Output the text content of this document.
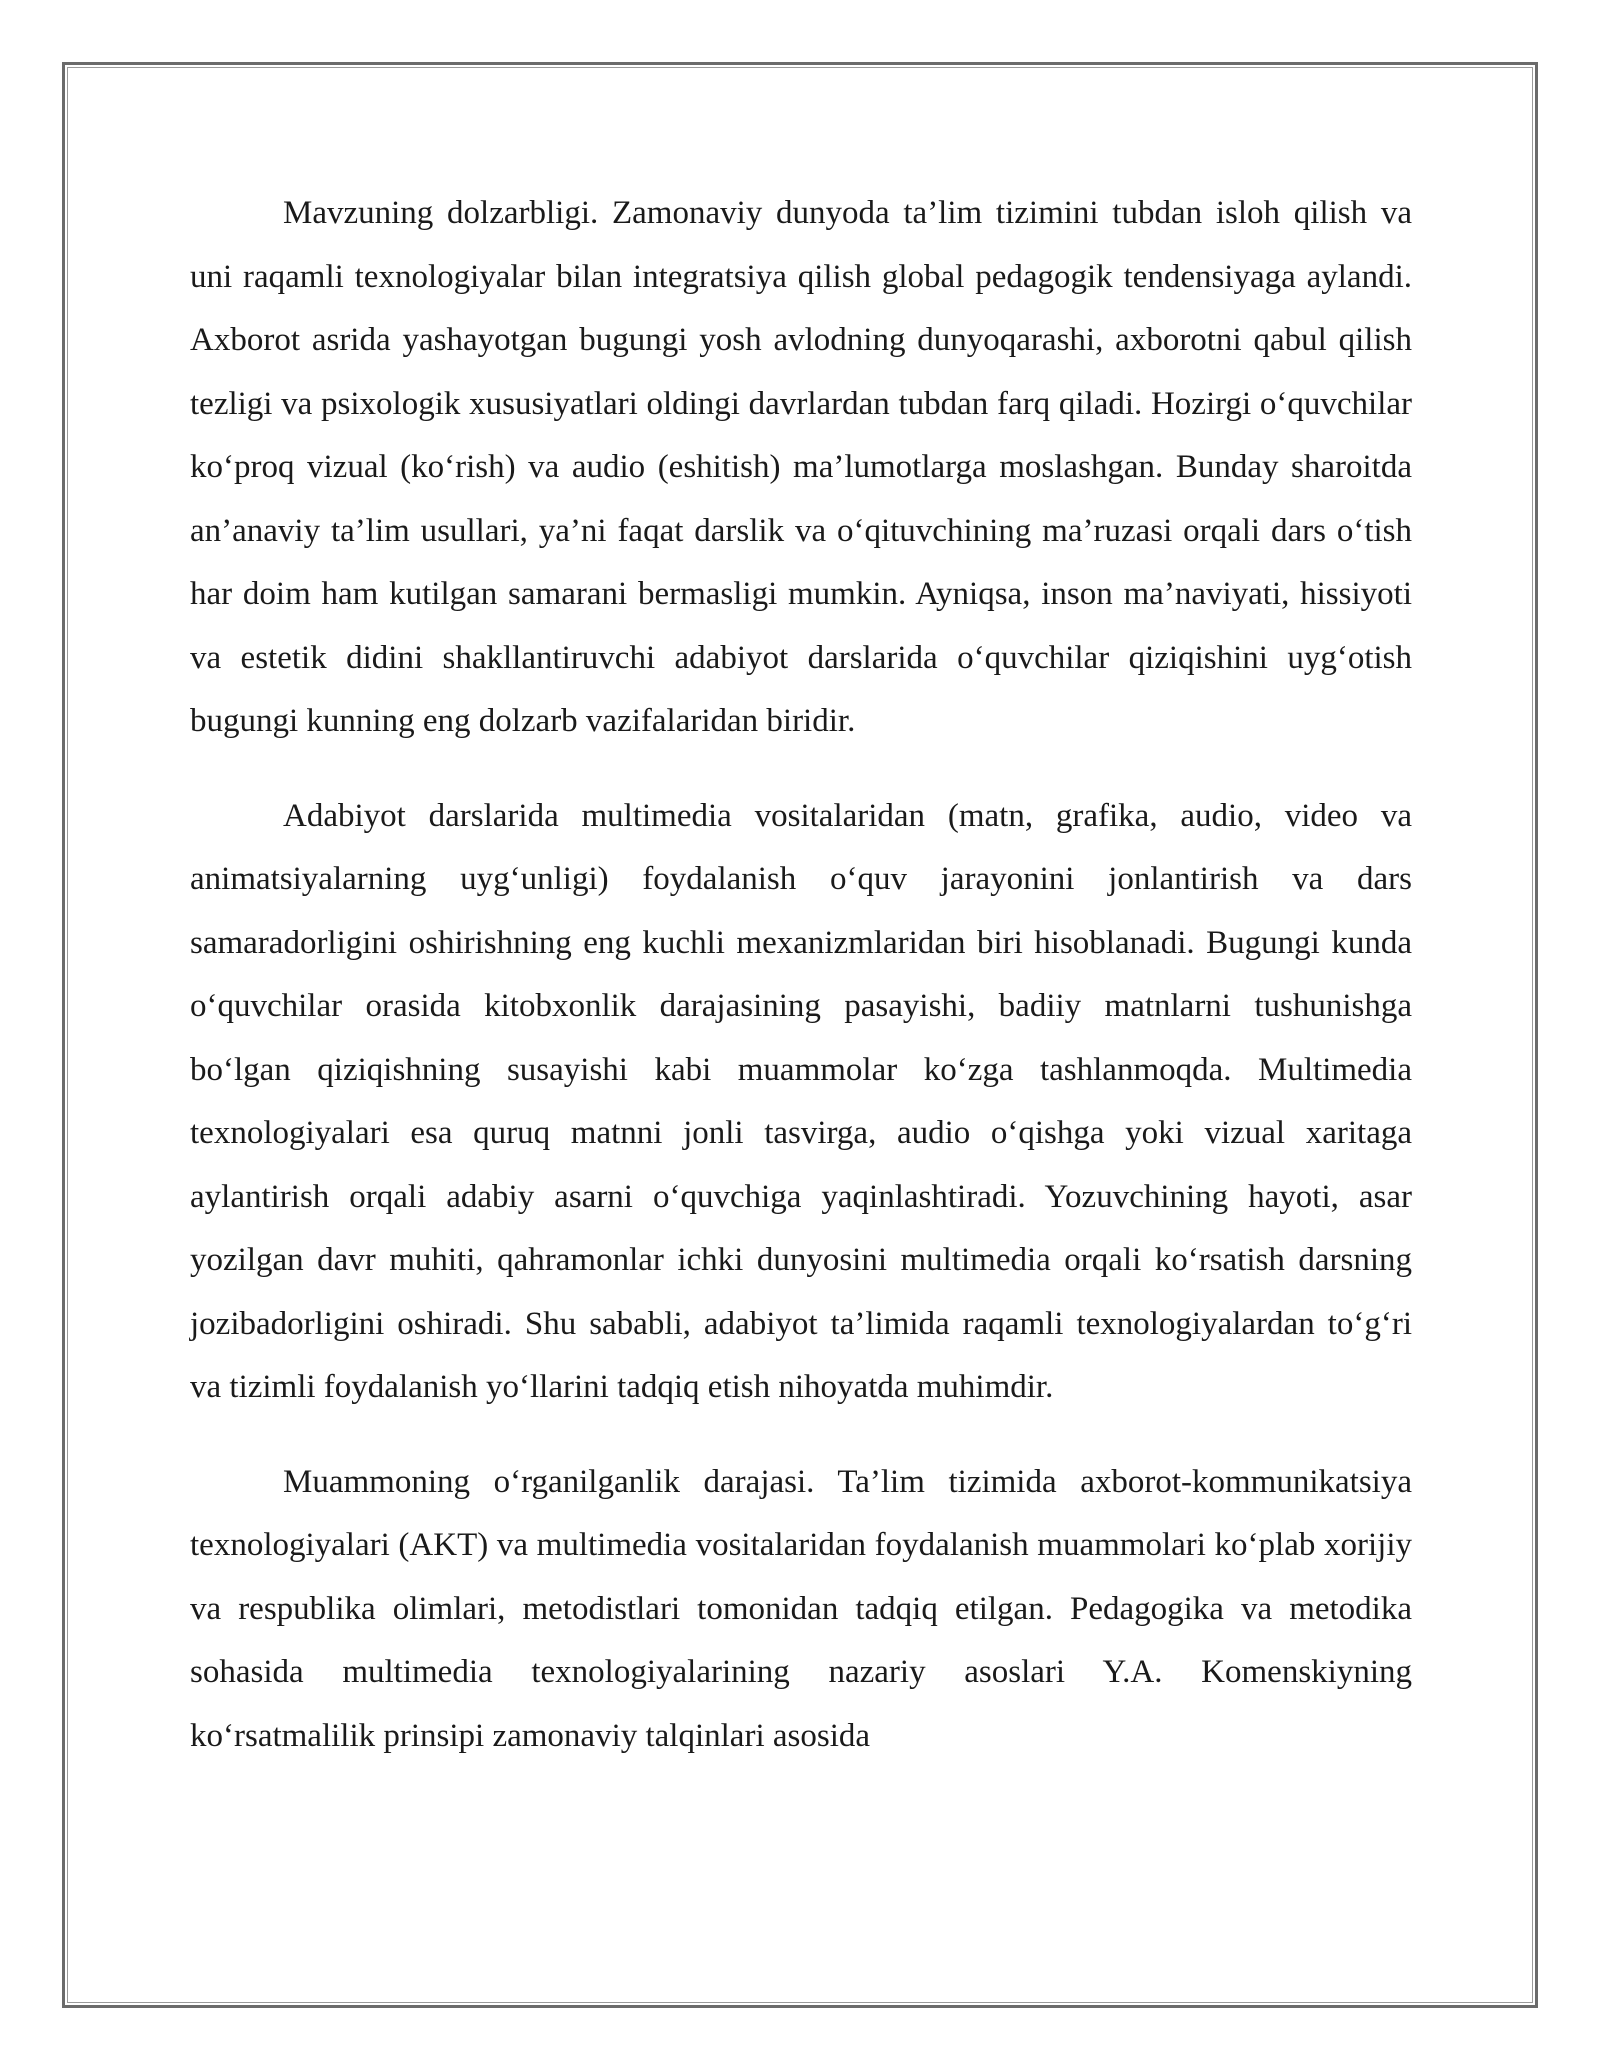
Mavzuning dolzarbligi. Zamonaviy dunyoda ta’lim tizimini tubdan isloh qilish va uni raqamli texnologiyalar bilan integratsiya qilish global pedagogik tendensiyaga aylandi. Axborot asrida yashayotgan bugungi yosh avlodning dunyoqarashi, axborotni qabul qilish tezligi va psixologik xususiyatlari oldingi davrlardan tubdan farq qiladi. Hozirgi o‘quvchilar ko‘proq vizual (ko‘rish) va audio (eshitish) ma’lumotlarga moslashgan. Bunday sharoitda an’anaviy ta’lim usullari, ya’ni faqat darslik va o‘qituvchining ma’ruzasi orqali dars o‘tish har doim ham kutilgan samarani bermasligi mumkin. Ayniqsa, inson ma’naviyati, hissiyoti va estetik didini shakllantiruvchi adabiyot darslarida o‘quvchilar qiziqishini uyg‘otish bugungi kunning eng dolzarb vazifalaridan biridir.

Adabiyot darslarida multimedia vositalaridan (matn, grafika, audio, video va animatsiyalarning uyg‘unligi) foydalanish o‘quv jarayonini jonlantirish va dars samaradorligini oshirishning eng kuchli mexanizmlaridan biri hisoblanadi. Bugungi kunda o‘quvchilar orasida kitobxonlik darajasining pasayishi, badiiy matnlarni tushunishga bo‘lgan qiziqishning susayishi kabi muammolar ko‘zga tashlanmoqda. Multimedia texnologiyalari esa quruq matnni jonli tasvirga, audio o‘qishga yoki vizual xaritaga aylantirish orqali adabiy asarni o‘quvchiga yaqinlashtiradi. Yozuvchining hayoti, asar yozilgan davr muhiti, qahramonlar ichki dunyosini multimedia orqali ko‘rsatish darsning jozibadorligini oshiradi. Shu sababli, adabiyot ta’limida raqamli texnologiyalardan to‘g‘ri va tizimli foydalanish yo‘llarini tadqiq etish nihoyatda muhimdir.

Muammoning o‘rganilganlik darajasi. Ta’lim tizimida axborot-kommunikatsiya texnologiyalari (AKT) va multimedia vositalaridan foydalanish muammolari ko‘plab xorijiy va respublika olimlari, metodistlari tomonidan tadqiq etilgan. Pedagogika va metodika sohasida multimedia texnologiyalarining nazariy asoslari Y.A. Komenskiyning ko‘rsatmalilik prinsipi zamonaviy talqinlari asosida
